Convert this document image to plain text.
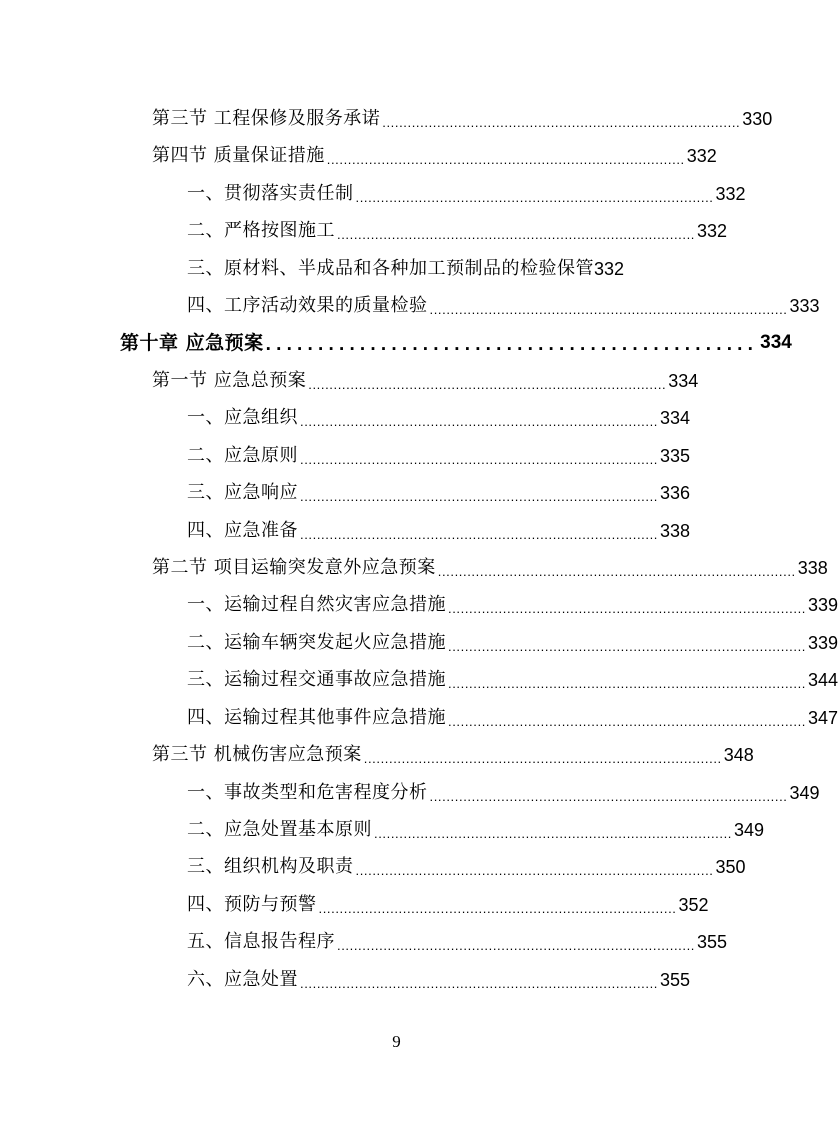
第三节 工程保修及服务承诺 ..................................................................................... 330
第四节 质量保证措施 ..................................................................................... 332
一、贯彻落实责任制 ..................................................................................... 332
二、严格按图施工 ..................................................................................... 332
三、原材料、半成品和各种加工预制品的检验保管 332
四、工序活动效果的质量检验 ..................................................................................... 333
第十章 应急预案 ............................................... 334
第一节 应急总预案 ..................................................................................... 334
一、应急组织 ..................................................................................... 334
二、应急原则 ..................................................................................... 335
三、应急响应 ..................................................................................... 336
四、应急准备 ..................................................................................... 338
第二节 项目运输突发意外应急预案 ..................................................................................... 338
一、运输过程自然灾害应急措施 ..................................................................................... 339
二、运输车辆突发起火应急措施 ..................................................................................... 339
三、运输过程交通事故应急措施 ..................................................................................... 344
四、运输过程其他事件应急措施 ..................................................................................... 347
第三节 机械伤害应急预案 ..................................................................................... 348
一、事故类型和危害程度分析 ..................................................................................... 349
二、应急处置基本原则 ..................................................................................... 349
三、组织机构及职责 ..................................................................................... 350
四、预防与预警 ..................................................................................... 352
五、信息报告程序 ..................................................................................... 355
六、应急处置 ..................................................................................... 355
9
